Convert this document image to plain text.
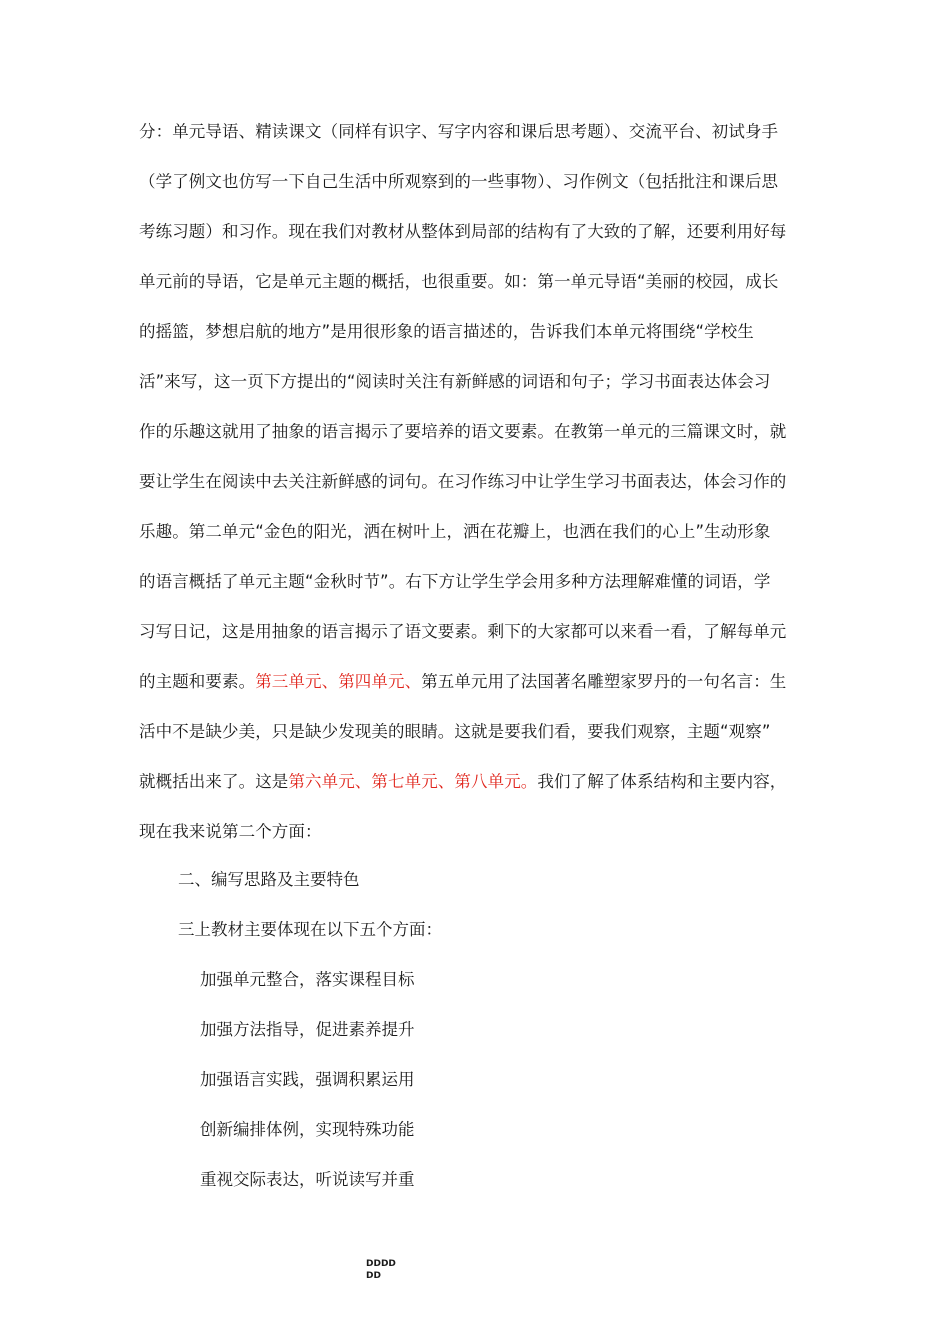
分：单元导语、精读课文（同样有识字、写字内容和课后思考题）、交流平台、初试身手
（学了例文也仿写一下自己生活中所观察到的一些事物）、习作例文（包括批注和课后思
考练习题）和习作。现在我们对教材从整体到局部的结构有了大致的了解，还要利用好每
单元前的导语，它是单元主题的概括，也很重要。如：第一单元导语“美丽的校园，成长
的摇篮，梦想启航的地方”是用很形象的语言描述的，告诉我们本单元将围绕“学校生
活”来写，这一页下方提出的“阅读时关注有新鲜感的词语和句子；学习书面表达体会习
作的乐趣这就用了抽象的语言揭示了要培养的语文要素。在教第一单元的三篇课文时，就
要让学生在阅读中去关注新鲜感的词句。在习作练习中让学生学习书面表达，体会习作的
乐趣。第二单元“金色的阳光，洒在树叶上，洒在花瓣上，也洒在我们的心上”生动形象
的语言概括了单元主题“金秋时节”。右下方让学生学会用多种方法理解难懂的词语，学
习写日记，这是用抽象的语言揭示了语文要素。剩下的大家都可以来看一看，了解每单元
的主题和要素。第三单元、第四单元、第五单元用了法国著名雕塑家罗丹的一句名言：生
活中不是缺少美，只是缺少发现美的眼睛。这就是要我们看，要我们观察，主题“观察”
就概括出来了。这是第六单元、第七单元、第八单元。我们了解了体系结构和主要内容，
现在我来说第二个方面：
二、编写思路及主要特色
三上教材主要体现在以下五个方面：
加强单元整合，落实课程目标
加强方法指导，促进素养提升
加强语言实践，强调积累运用
创新编排体例，实现特殊功能
重视交际表达，听说读写并重
DDDD
DD
